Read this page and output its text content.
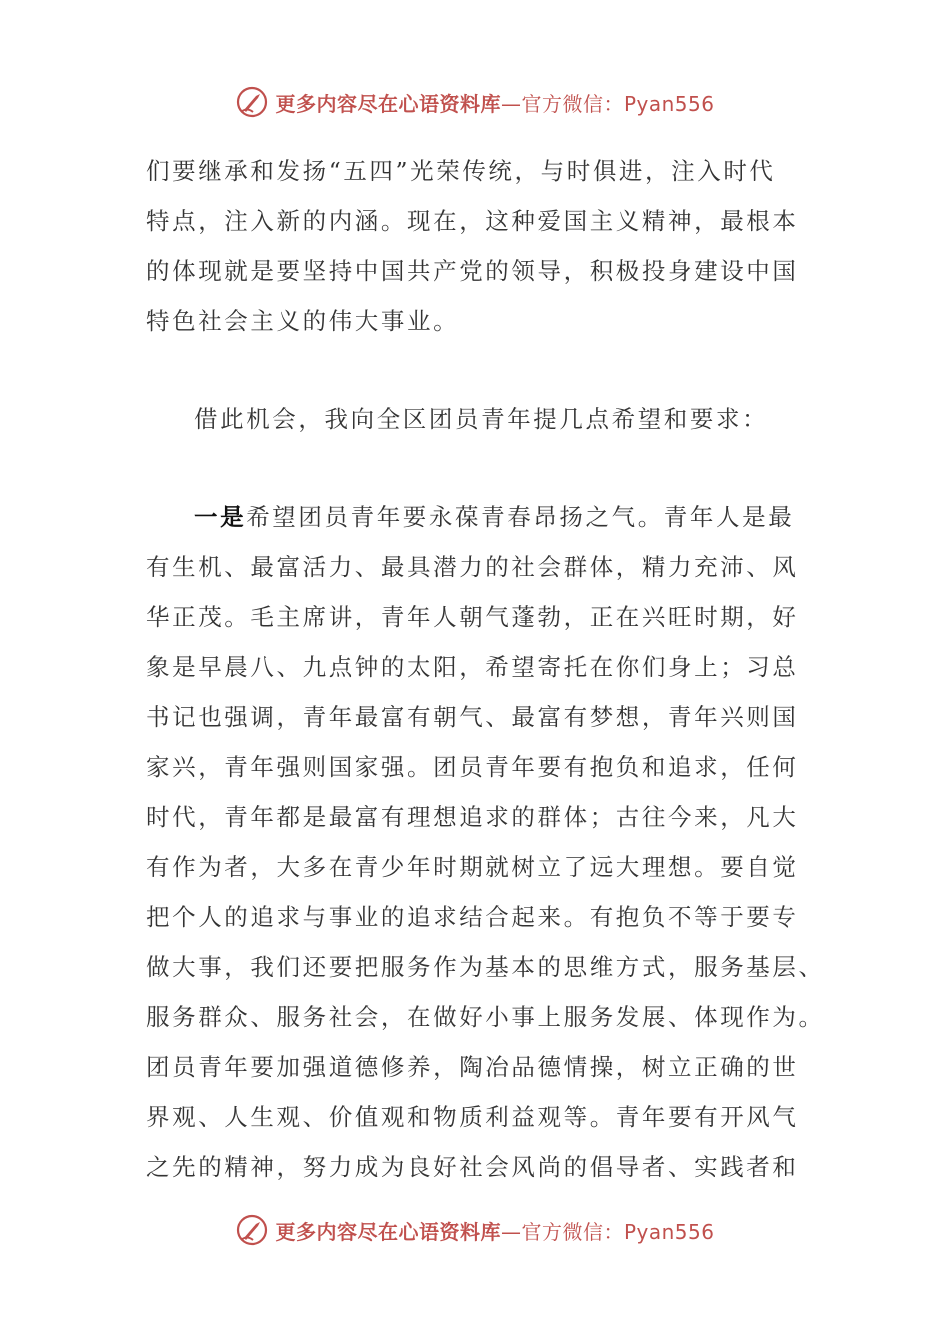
更多内容尽在心语资料库—官方微信：Pyan556
们要继承和发扬“五四”光荣传统，与时俱进，注入时代
特点，注入新的内涵。现在，这种爱国主义精神，最根本
的体现就是要坚持中国共产党的领导，积极投身建设中国
特色社会主义的伟大事业。
借此机会，我向全区团员青年提几点希望和要求：
一是希望团员青年要永葆青春昂扬之气。青年人是最
有生机、最富活力、最具潜力的社会群体，精力充沛、风
华正茂。毛主席讲，青年人朝气蓬勃，正在兴旺时期，好
象是早晨八、九点钟的太阳，希望寄托在你们身上；习总
书记也强调，青年最富有朝气、最富有梦想，青年兴则国
家兴，青年强则国家强。团员青年要有抱负和追求，任何
时代，青年都是最富有理想追求的群体；古往今来，凡大
有作为者，大多在青少年时期就树立了远大理想。要自觉
把个人的追求与事业的追求结合起来。有抱负不等于要专
做大事，我们还要把服务作为基本的思维方式，服务基层、
服务群众、服务社会，在做好小事上服务发展、体现作为。
团员青年要加强道德修养，陶冶品德情操，树立正确的世
界观、人生观、价值观和物质利益观等。青年要有开风气
之先的精神，努力成为良好社会风尚的倡导者、实践者和
更多内容尽在心语资料库—官方微信：Pyan556
